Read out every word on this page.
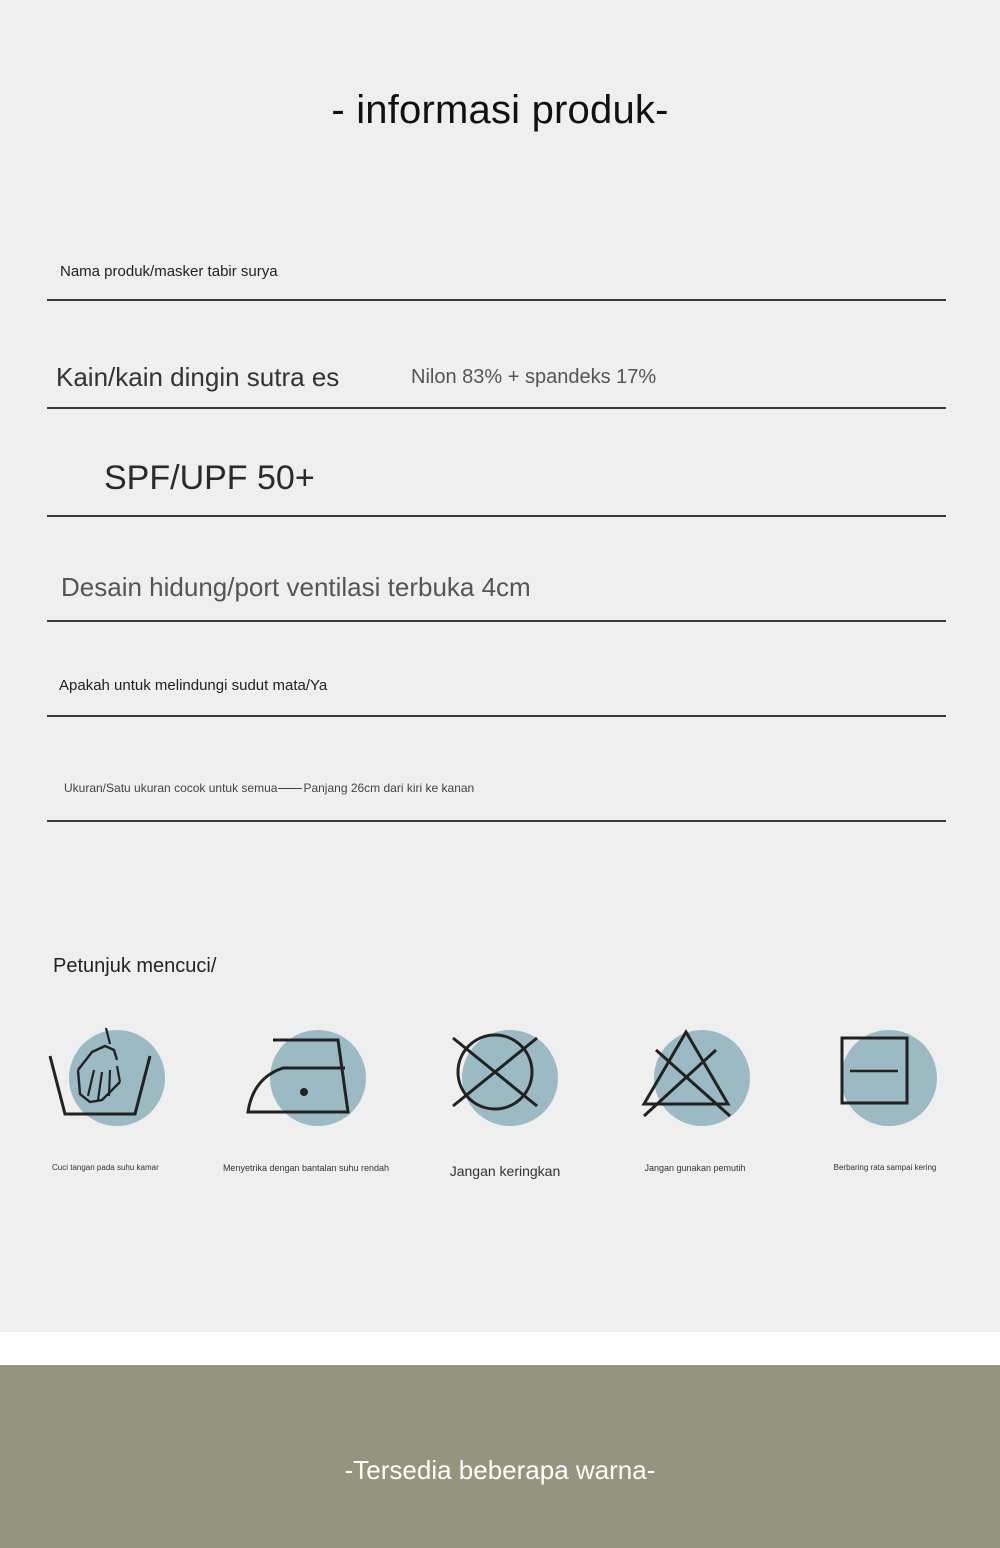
- informasi produk-
Nama produk/masker tabir surya
Kain/kain dingin sutra es	Nilon 83% + spandeks 17%
SPF/UPF 50+
Desain hidung/port ventilasi terbuka 4cm
Apakah untuk melindungi sudut mata/Ya
Ukuran/Satu ukuran cocok untuk semua Panjang 26cm dari kiri ke kanan
Petunjuk mencuci/
Cuci tangan pada suhu kamar	Menyetrika dengan bantalan suhu rendah	Jangan keringkan	Jangan gunakan pemutih	Berbaring rata sampai kering
-Tersedia beberapa warna-
